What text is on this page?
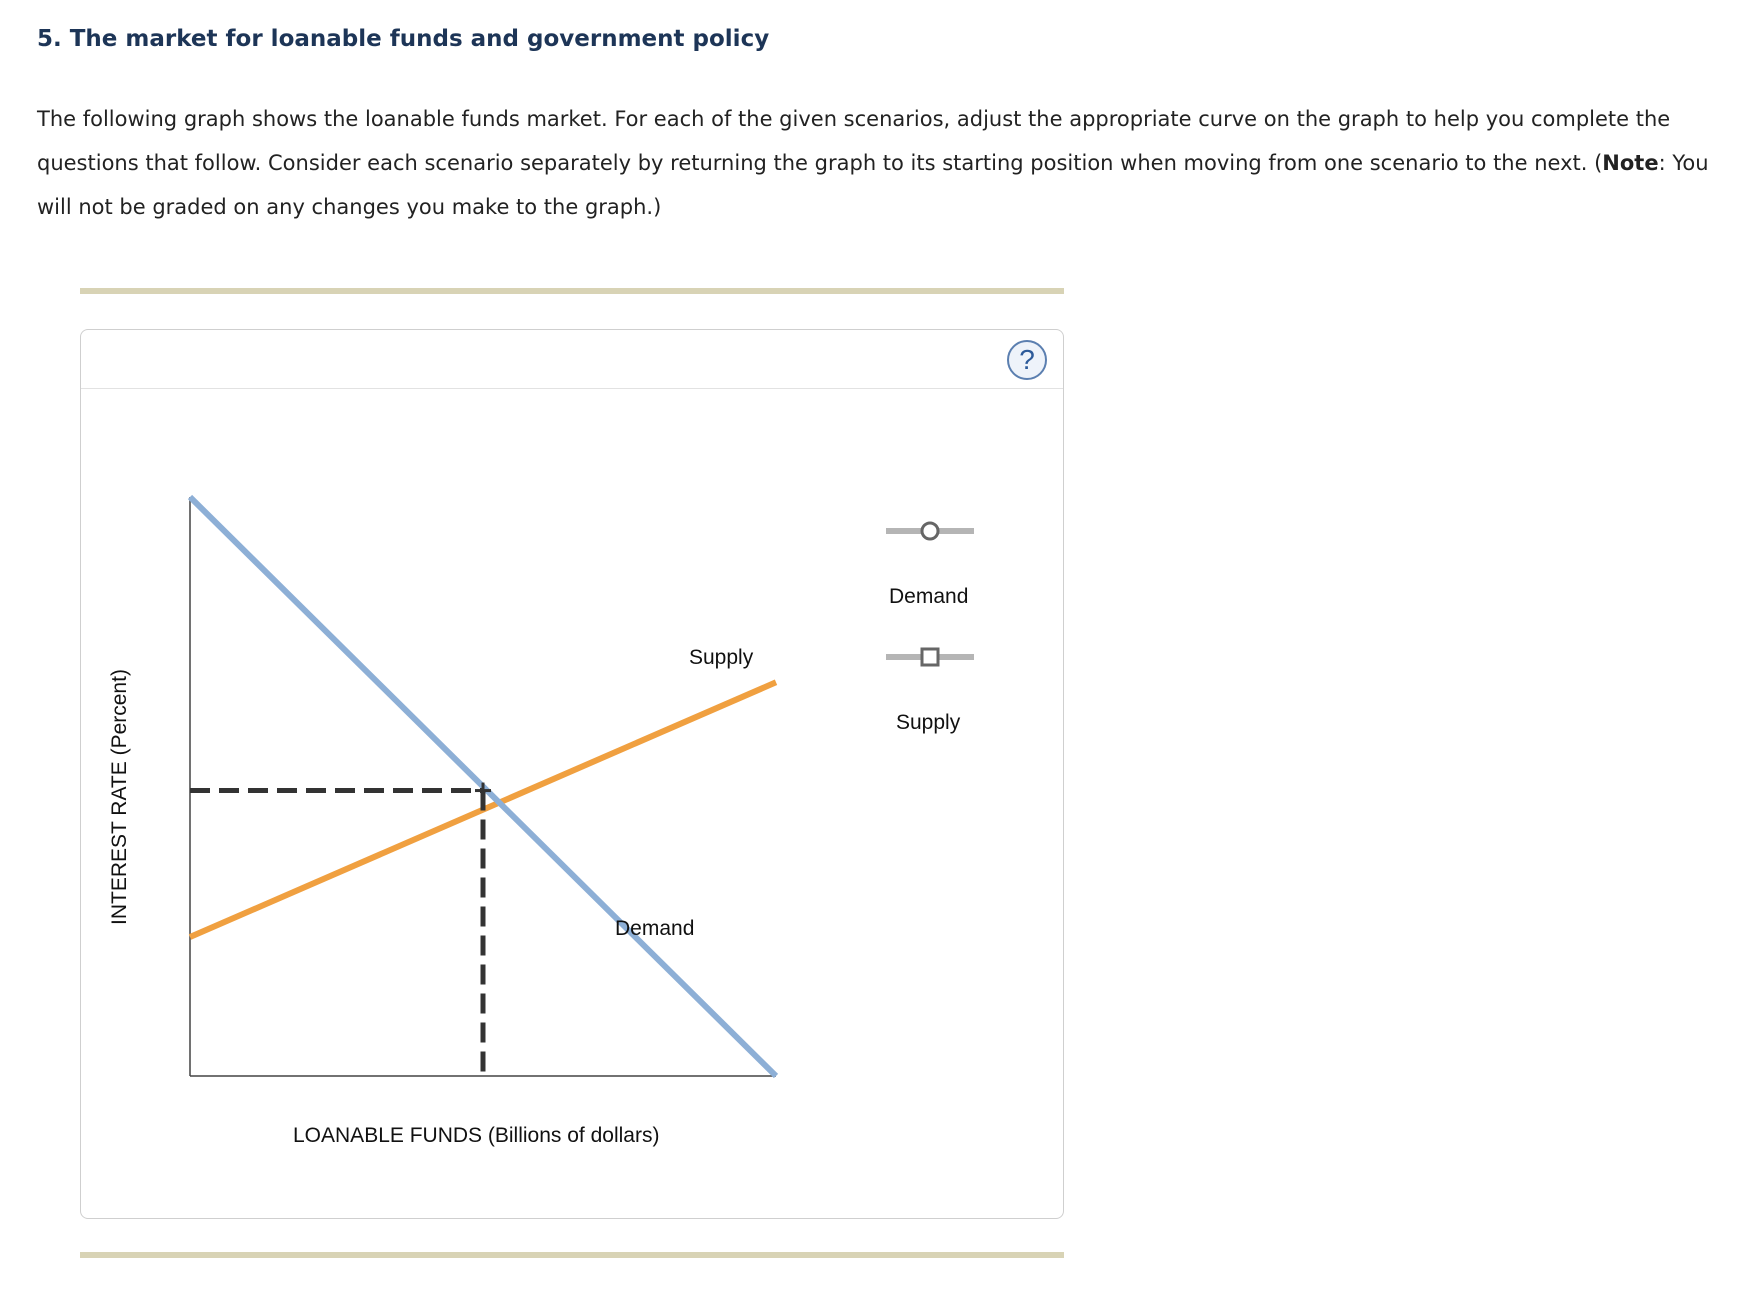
5. The market for loanable funds and government policy
The following graph shows the loanable funds market. For each of the given scenarios, adjust the appropriate curve on the graph to help you complete the questions that follow. Consider each scenario separately by returning the graph to its starting position when moving from one scenario to the next. (Note: You will not be graded on any changes you make to the graph.)
?
INTEREST RATE (Percent)
LOANABLE FUNDS (Billions of dollars)
Supply
Demand
Demand
Supply
